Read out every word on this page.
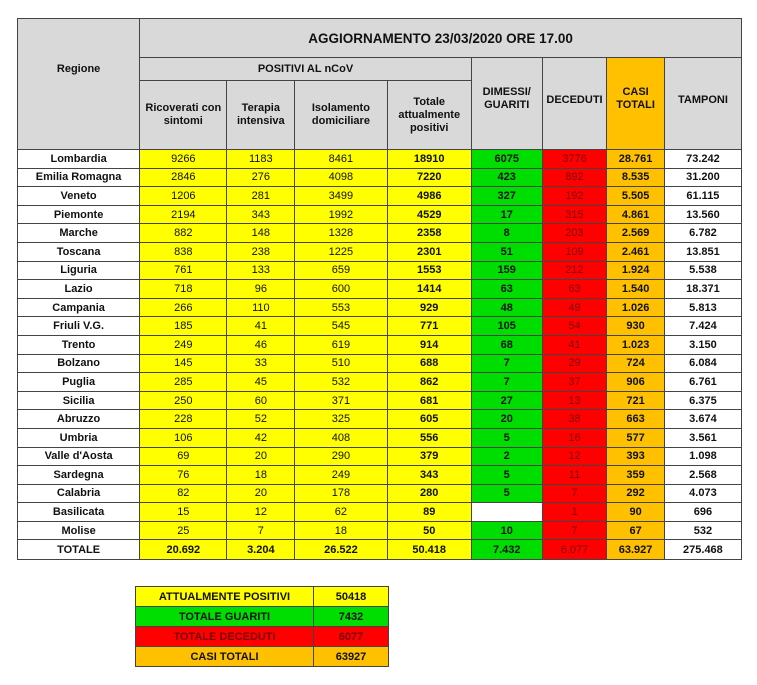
Regione	AGGIORNAMENTO 23/03/2020 ORE 17.00							
	POSITIVI AL nCoV				DIMESSI/ GUARITI	DECEDUTI	CASI TOTALI	TAMPONI
	Ricoverati con sintomi	Terapia intensiva	Isolamento domiciliare	Totale attualmente positivi				
Lombardia	9266	1183	8461	18910	6075	3776	28.761	73.242
Emilia Romagna	2846	276	4098	7220	423	892	8.535	31.200
Veneto	1206	281	3499	4986	327	192	5.505	61.115
Piemonte	2194	343	1992	4529	17	315	4.861	13.560
Marche	882	148	1328	2358	8	203	2.569	6.782
Toscana	838	238	1225	2301	51	109	2.461	13.851
Liguria	761	133	659	1553	159	212	1.924	5.538
Lazio	718	96	600	1414	63	63	1.540	18.371
Campania	266	110	553	929	48	49	1.026	5.813
Friuli V.G.	185	41	545	771	105	54	930	7.424
Trento	249	46	619	914	68	41	1.023	3.150
Bolzano	145	33	510	688	7	29	724	6.084
Puglia	285	45	532	862	7	37	906	6.761
Sicilia	250	60	371	681	27	13	721	6.375
Abruzzo	228	52	325	605	20	38	663	3.674
Umbria	106	42	408	556	5	16	577	3.561
Valle d'Aosta	69	20	290	379	2	12	393	1.098
Sardegna	76	18	249	343	5	11	359	2.568
Calabria	82	20	178	280	5	7	292	4.073
Basilicata	15	12	62	89		1	90	696
Molise	25	7	18	50	10	7	67	532
TOTALE	20.692	3.204	26.522	50.418	7.432	6.077	63.927	275.468
ATTUALMENTE POSITIVI	50418
TOTALE GUARITI	7432
TOTALE DECEDUTI	6077
CASI TOTALI	63927
